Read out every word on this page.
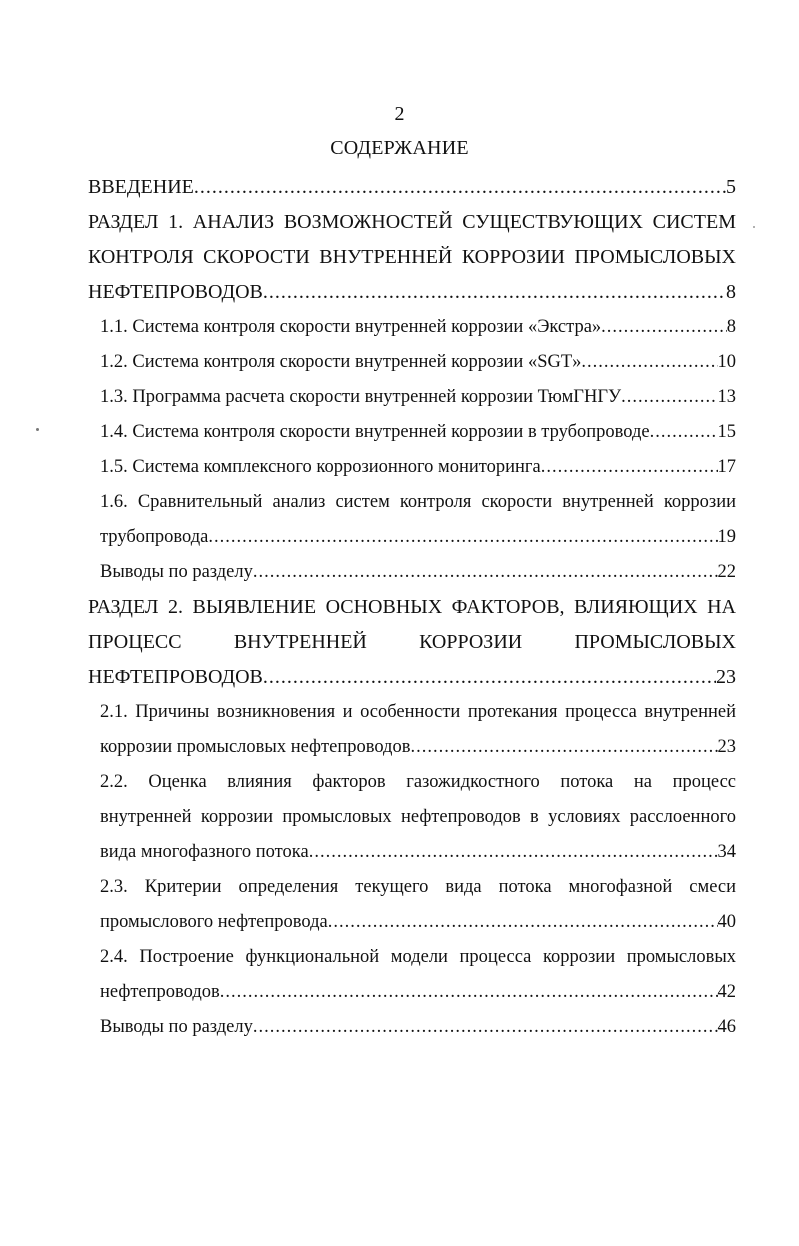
2
СОДЕРЖАНИЕ
ВВЕДЕНИЕ .....	5
РАЗДЕЛ 1. АНАЛИЗ ВОЗМОЖНОСТЕЙ СУЩЕСТВУЮЩИХ СИСТЕМ
КОНТРОЛЯ СКОРОСТИ ВНУТРЕННЕЙ КОРРОЗИИ ПРОМЫСЛОВЫХ
НЕФТЕПРОВОДОВ .....	8
1.1. Система контроля скорости внутренней коррозии «Экстра» .....	8
1.2. Система контроля скорости внутренней коррозии «SGT» .....	10
1.3. Программа расчета скорости внутренней коррозии ТюмГНГУ .....	13
1.4. Система контроля скорости внутренней коррозии в трубопроводе .....	15
1.5. Система комплексного коррозионного мониторинга .....	17
1.6. Сравнительный анализ систем контроля скорости внутренней коррозии
трубопровода .....	19
Выводы по разделу .....	22
РАЗДЕЛ 2. ВЫЯВЛЕНИЕ ОСНОВНЫХ ФАКТОРОВ, ВЛИЯЮЩИХ НА
ПРОЦЕСС ВНУТРЕННЕЙ КОРРОЗИИ ПРОМЫСЛОВЫХ
НЕФТЕПРОВОДОВ .....	23
2.1. Причины возникновения и особенности протекания процесса внутренней
коррозии промысловых нефтепроводов .....	23
2.2. Оценка влияния факторов газожидкостного потока на процесс
внутренней коррозии промысловых нефтепроводов в условиях расслоенного
вида многофазного потока .....	34
2.3. Критерии определения текущего вида потока многофазной смеси
промыслового нефтепровода .....	40
2.4. Построение функциональной модели процесса коррозии промысловых
нефтепроводов .....	42
Выводы по разделу .....	46
